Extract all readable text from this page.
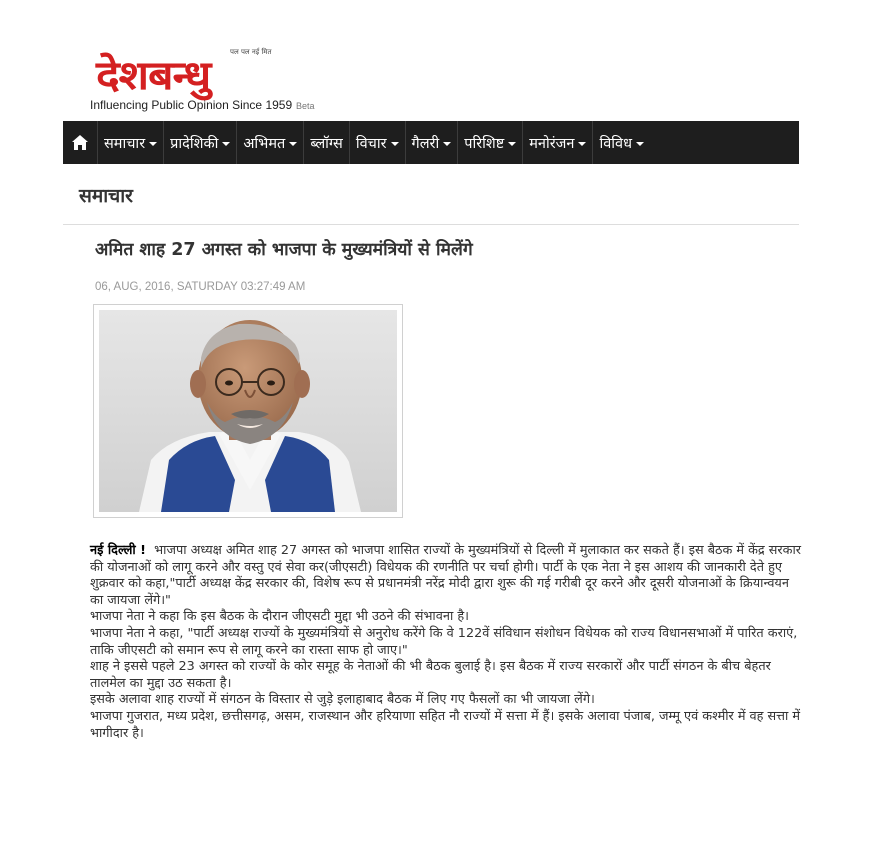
पल पल नई मित
देशबन्धु
Influencing Public Opinion Since 1959 Beta
समाचार प्रादेशिकी अभिमत ब्लॉग्स विचार गैलरी परिशिष्ट मनोरंजन विविध
समाचार
अमित शाह 27 अगस्त को भाजपा के मुख्यमंत्रियों से मिलेंगे
06, AUG, 2016, SATURDAY 03:27:49 AM

नई दिल्ली ! भाजपा अध्यक्ष अमित शाह 27 अगस्त को भाजपा शासित राज्यों के मुख्यमंत्रियों से दिल्ली में मुलाकात कर सकते हैं। इस बैठक में केंद्र सरकार की योजनाओं को लागू करने और वस्तु एवं सेवा कर(जीएसटी) विधेयक की रणनीति पर चर्चा होगी। पार्टी के एक नेता ने इस आशय की जानकारी देते हुए शुक्रवार को कहा,"पार्टी अध्यक्ष केंद्र सरकार की, विशेष रूप से प्रधानमंत्री नरेंद्र मोदी द्वारा शुरू की गई गरीबी दूर करने और दूसरी योजनाओं के क्रियान्वयन का जायजा लेंगे।"

भाजपा नेता ने कहा कि इस बैठक के दौरान जीएसटी मुद्दा भी उठने की संभावना है।

भाजपा नेता ने कहा, "पार्टी अध्यक्ष राज्यों के मुख्यमंत्रियों से अनुरोध करेंगे कि वे 122वें संविधान संशोधन विधेयक को राज्य विधानसभाओं में पारित कराएं, ताकि जीएसटी को समान रूप से लागू करने का रास्ता साफ हो जाए।"

शाह ने इससे पहले 23 अगस्त को राज्यों के कोर समूह के नेताओं की भी बैठक बुलाई है। इस बैठक में राज्य सरकारों और पार्टी संगठन के बीच बेहतर तालमेल का मुद्दा उठ सकता है।

इसके अलावा शाह राज्यों में संगठन के विस्तार से जुड़े इलाहाबाद बैठक में लिए गए फैसलों का भी जायजा लेंगे।

भाजपा गुजरात, मध्य प्रदेश, छत्तीसगढ़, असम, राजस्थान और हरियाणा सहित नौ राज्यों में सत्ता में हैं। इसके अलावा पंजाब, जम्मू एवं कश्मीर में वह सत्ता में भागीदार है।
